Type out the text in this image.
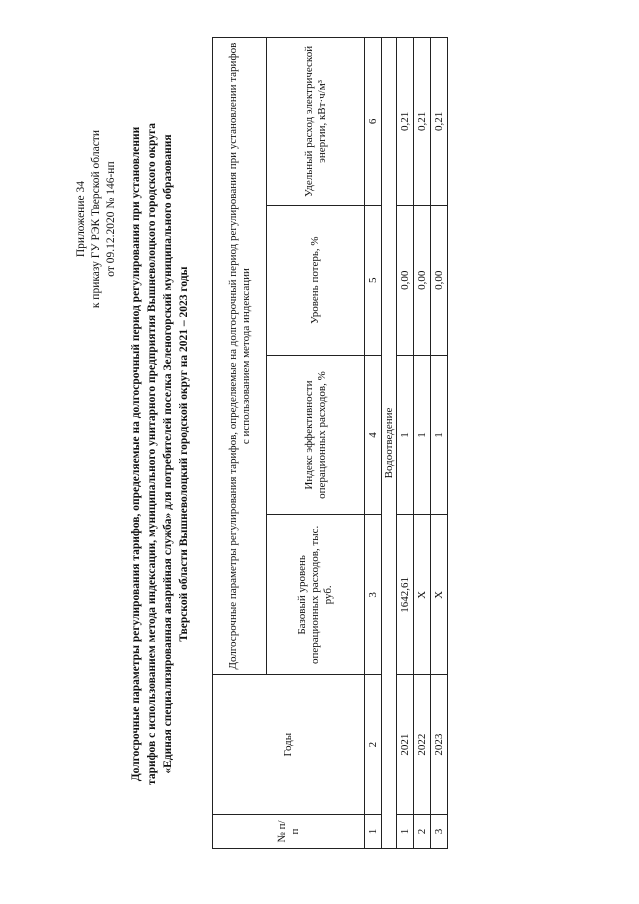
Приложение 34 к приказу ГУ РЭК Тверской области от 09.12.2020 № 146-нп Долгосрочные параметры регулирования тарифов, определяемые на долгосрочный период регулирования при установлении тарифов с использованием метода индексации, муниципального унитарного предприятия Вышневолоцкого городского округа «Единая специализированная аварийная служба» для потребителей поселка Зеленогорский муниципального образования Тверской области Вышневолоцкий городской округ на 2021 – 2023 годы
№ п/п	Годы	Долгосрочные параметры регулирования тарифов, определяемые на долгосрочный период регулирования при установлении тарифов с использованием метода индексации			
		Базовый уровень операционных расходов, тыс. руб.	Индекс эффективности операционных расходов, %	Уровень потерь, %	Удельный расход электрической энергии, кВт·ч/м³
1	2	3	4	5	6
Водоотведение					
1	2021	1642,61	1	0,00	0,21
2	2022	X	1	0,00	0,21
3	2023	X	1	0,00	0,21
